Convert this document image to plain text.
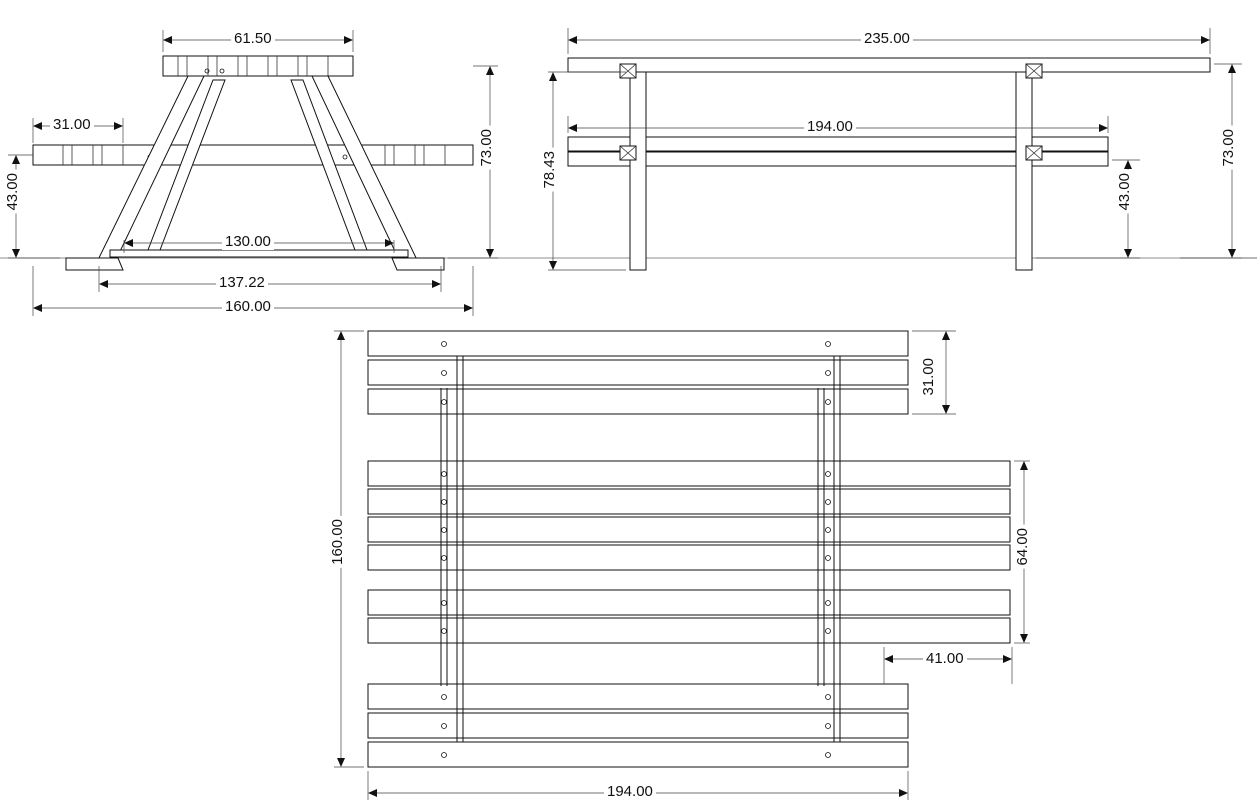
61.50
31.00
43.00
73.00
130.00
137.22
160.00
235.00
194.00
78.43
43.00
73.00
160.00
31.00
64.00
41.00
194.00
